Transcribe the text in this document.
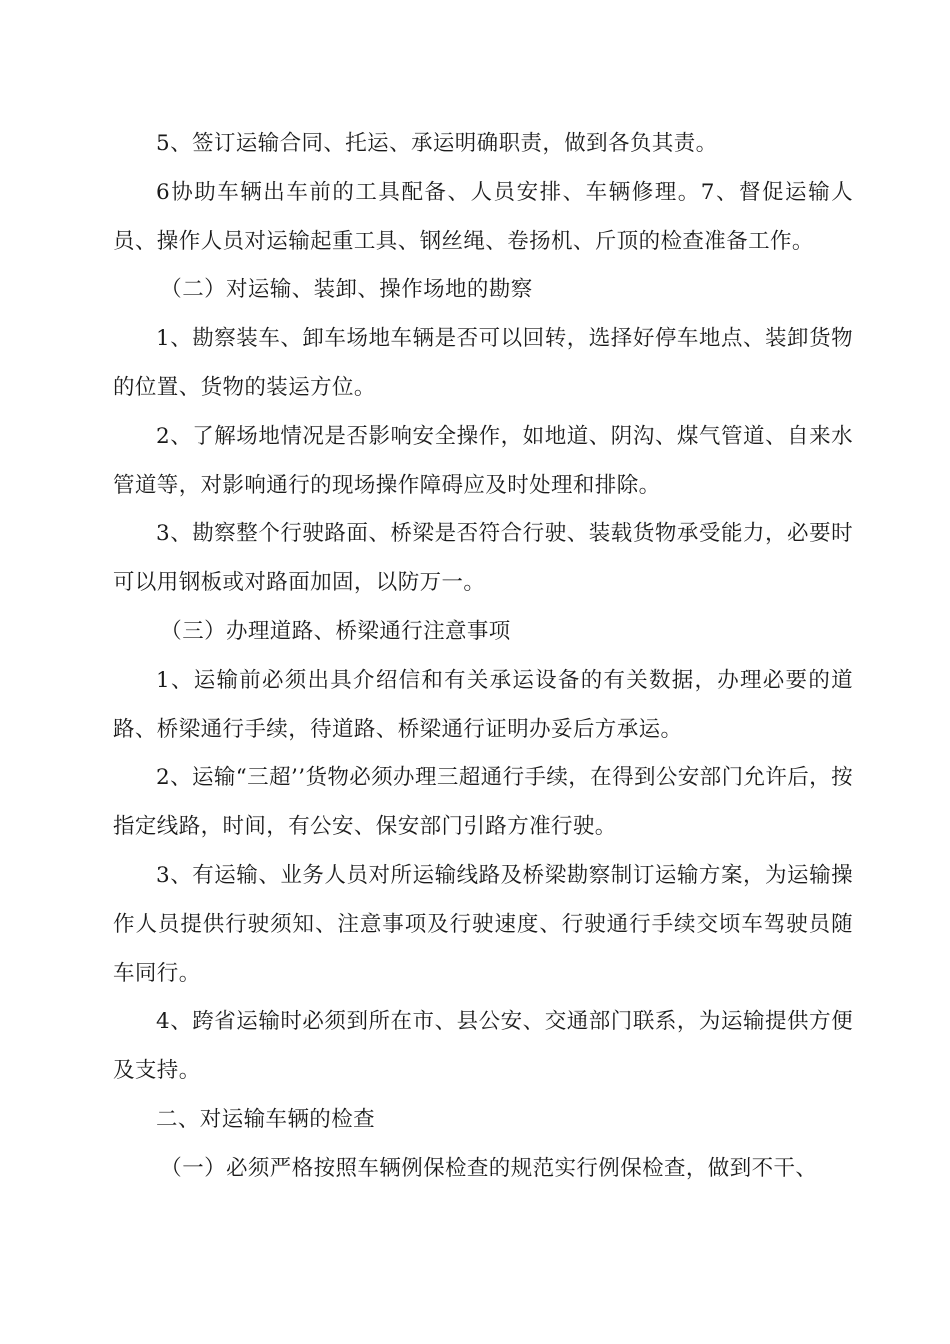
5、签订运输合同、托运、承运明确职责，做到各负其责。

6协助车辆出车前的工具配备、人员安排、车辆修理。7、督促运输人员、操作人员对运输起重工具、钢丝绳、卷扬机、斤顶的检查准备工作。

（二）对运输、装卸、操作场地的勘察

1、勘察装车、卸车场地车辆是否可以回转，选择好停车地点、装卸货物的位置、货物的装运方位。

2、了解场地情况是否影响安全操作，如地道、阴沟、煤气管道、自来水管道等，对影响通行的现场操作障碍应及时处理和排除。

3、勘察整个行驶路面、桥梁是否符合行驶、装载货物承受能力，必要时可以用钢板或对路面加固，以防万一。

（三）办理道路、桥梁通行注意事项

1、运输前必须出具介绍信和有关承运设备的有关数据，办理必要的道路、桥梁通行手续，待道路、桥梁通行证明办妥后方承运。

2、运输“三超’’货物必须办理三超通行手续，在得到公安部门允许后，按指定线路，时间，有公安、保安部门引路方准行驶。

3、有运输、业务人员对所运输线路及桥梁勘察制订运输方案，为运输操作人员提供行驶须知、注意事项及行驶速度、行驶通行手续交顷车驾驶员随车同行。

4、跨省运输时必须到所在市、县公安、交通部门联系，为运输提供方便及支持。

二、对运输车辆的检查

（一）必须严格按照车辆例保检查的规范实行例保检查，做到不干、
